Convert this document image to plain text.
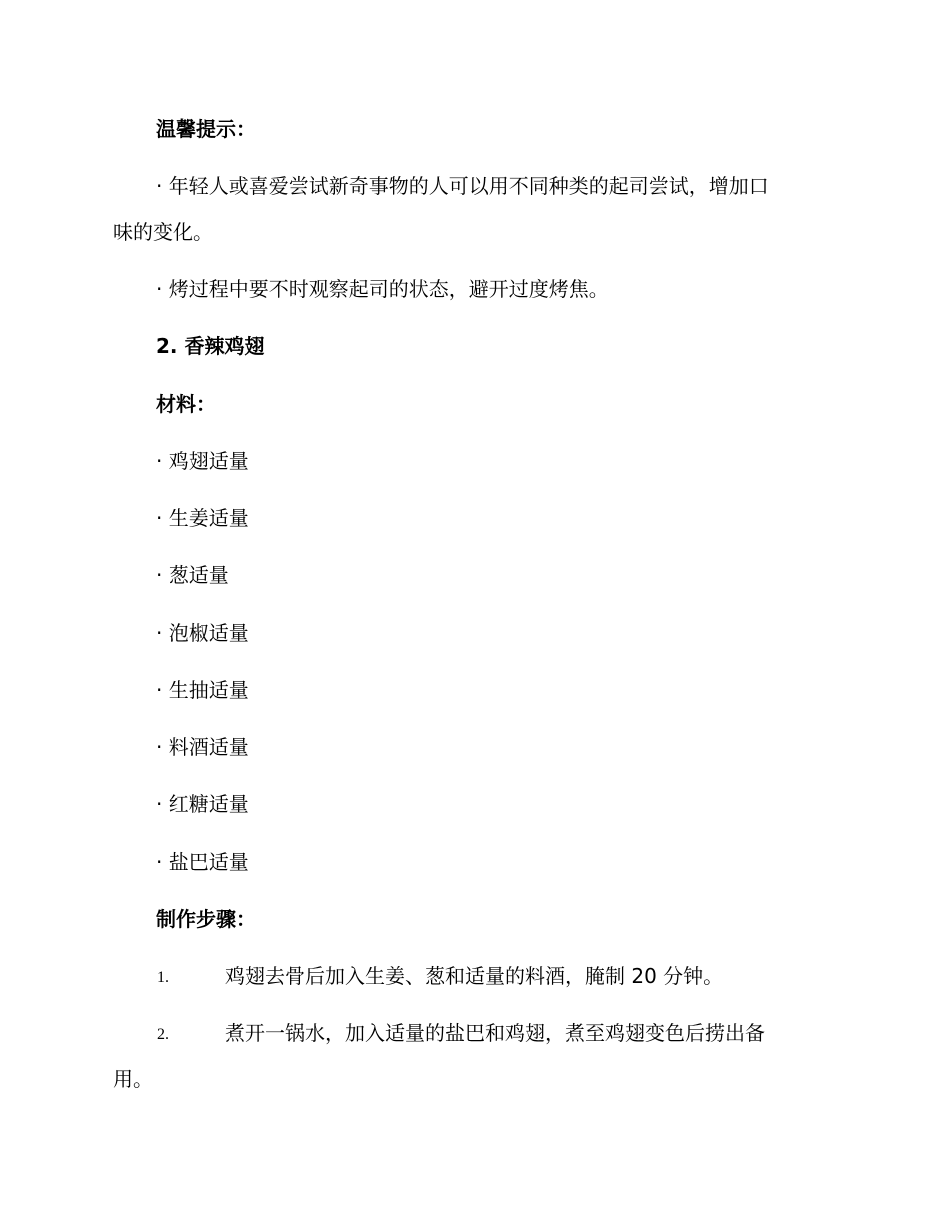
温馨提示：
· 年轻人或喜爱尝试新奇事物的人可以用不同种类的起司尝试，增加口
味的变化。
· 烤过程中要不时观察起司的状态，避开过度烤焦。
2. 香辣鸡翅
材料：
· 鸡翅适量
· 生姜适量
· 葱适量
· 泡椒适量
· 生抽适量
· 料酒适量
· 红糖适量
· 盐巴适量
制作步骤：
1.	鸡翅去骨后加入生姜、葱和适量的料酒，腌制 20 分钟。
2.	煮开一锅水，加入适量的盐巴和鸡翅，煮至鸡翅变色后捞出备
用。
